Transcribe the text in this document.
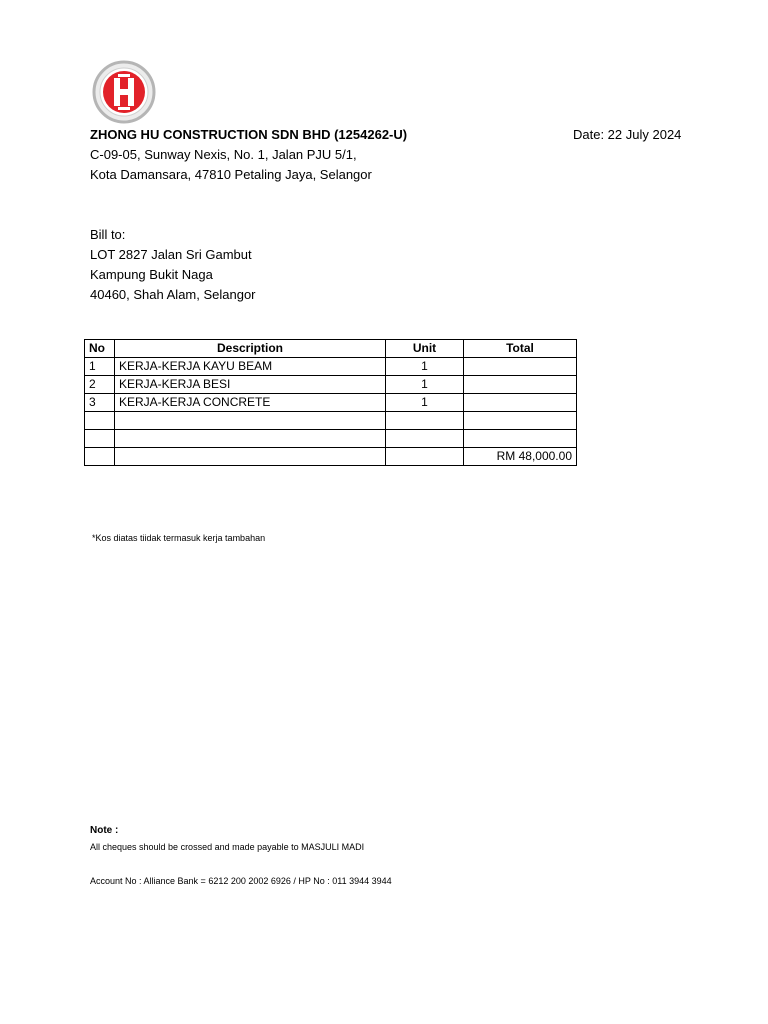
ZHONG HU CONSTRUCTION SDN BHD (1254262-U)	Date: 22 July 2024
C-09-05, Sunway Nexis, No. 1, Jalan PJU 5/1,
Kota Damansara, 47810 Petaling Jaya, Selangor
Bill to:
LOT 2827 Jalan Sri Gambut
Kampung Bukit Naga
40460, Shah Alam, Selangor
No	Description	Unit	Total
1	KERJA-KERJA KAYU BEAM	1	
2	KERJA-KERJA BESI	1	
3	KERJA-KERJA CONCRETE	1	

			RM 48,000.00
*Kos diatas tiidak termasuk kerja tambahan
Note :
All cheques should be crossed and made payable to MASJULI MADI
Account No : Alliance Bank = 6212 200 2002 6926 / HP No : 011 3944 3944
